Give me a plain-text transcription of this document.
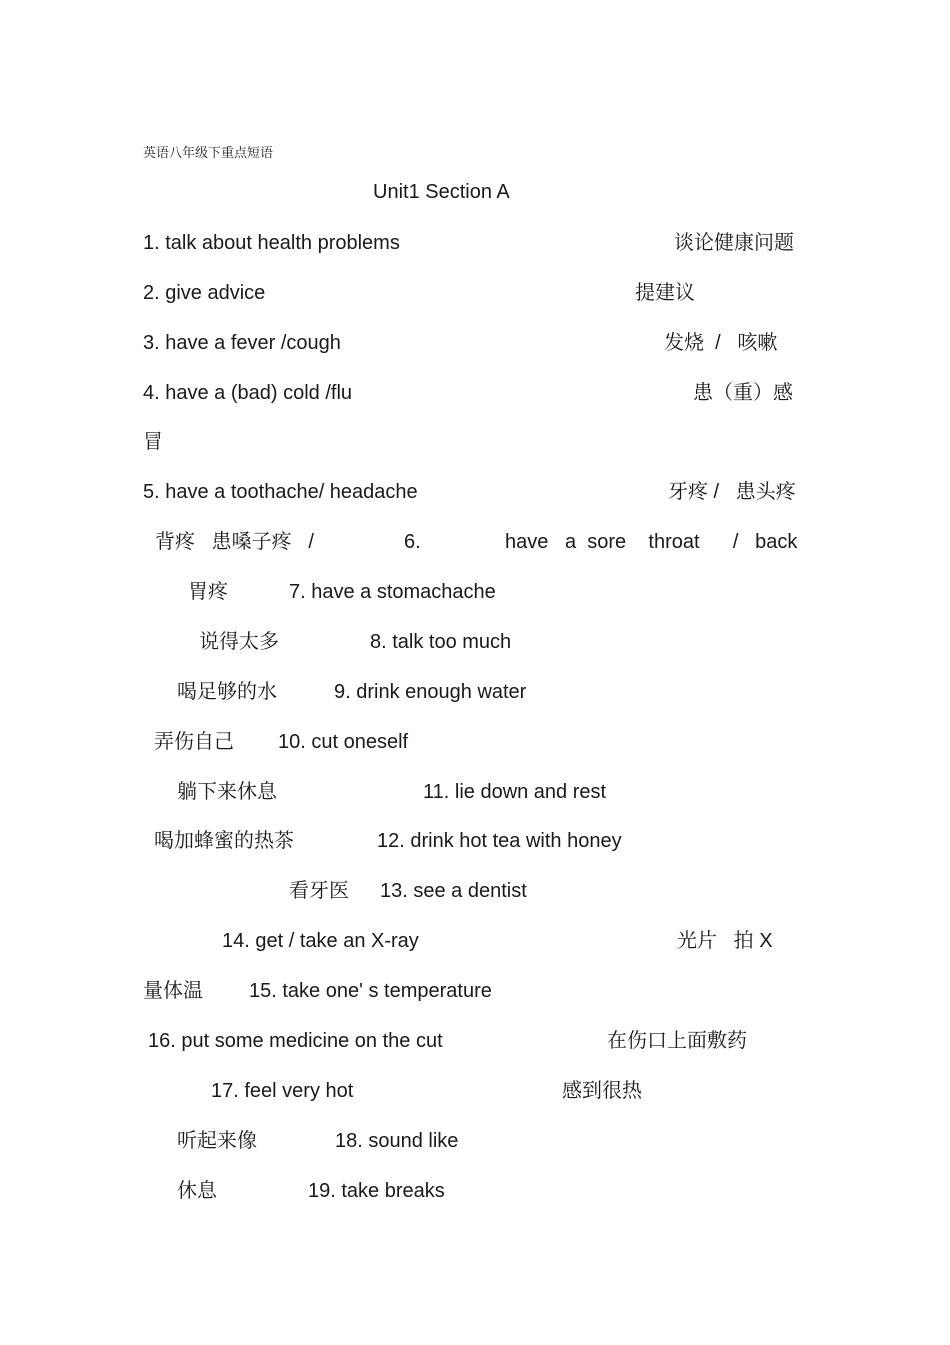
英语八年级下重点短语
Unit1 Section A
1. talk about health problems	谈论健康问题
2. give advice	提建议
3. have a fever /cough	发烧  /   咳嗽
4. have a (bad) cold /flu	患（重）感
冒
5. have a toothache/ headache	牙疼 /   患头疼
背疼   患嗓子疼   /	6.	have   a  sore    throat      /   back
胃疼	7. have a stomachache
说得太多	8. talk too much
喝足够的水	9. drink enough water
弄伤自己 10. cut oneself
躺下来休息	11. lie down and rest
喝加蜂蜜的热茶	12. drink hot tea with honey
看牙医 13. see a dentist
14. get / take an X-ray	光片   拍 X
量体温 15. take one' s temperature
16. put some medicine on the cut	在伤口上面敷药
17. feel very hot	感到很热
听起来像	18. sound like
休息	19. take breaks
